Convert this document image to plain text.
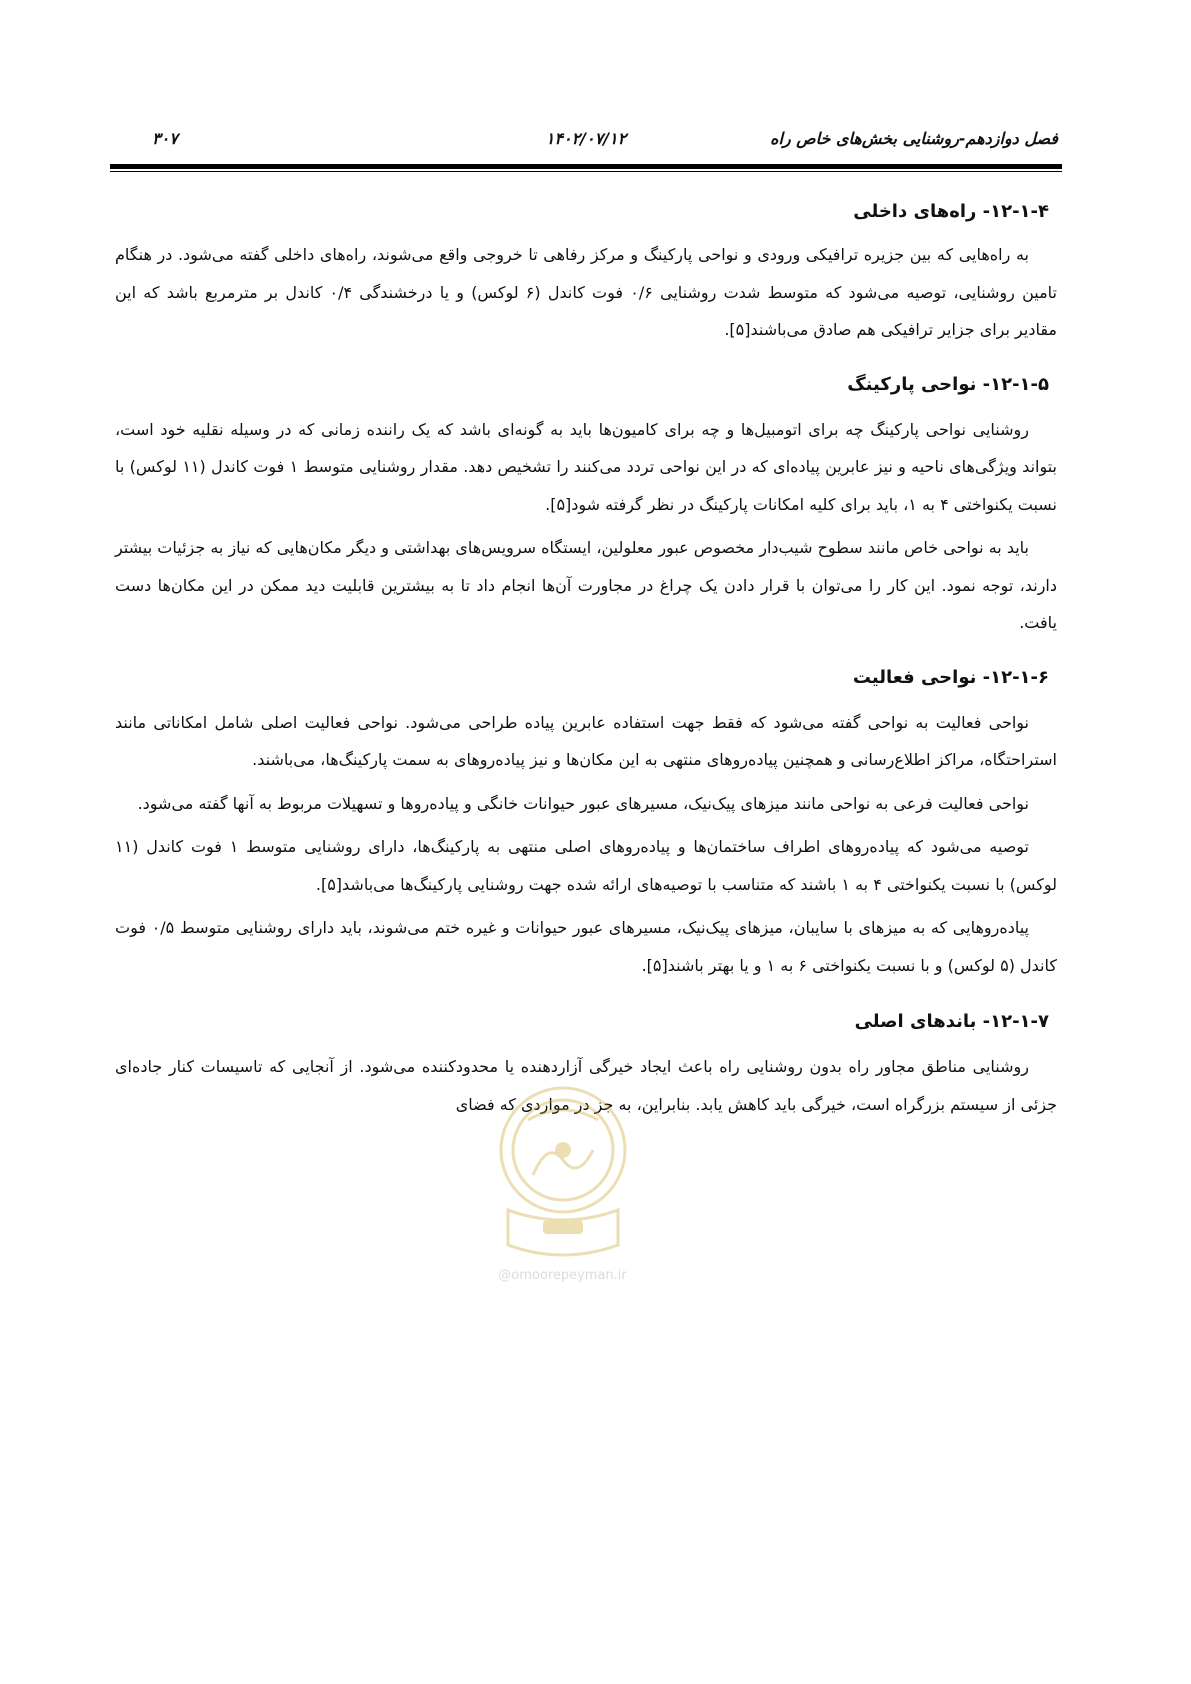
فصل دوازدهم-روشنایی بخش‌های خاص راه
۱۴۰۲/۰۷/۱۲
۳۰۷
۱۲-۱-۴- راه‌های داخلی

به راه‌هایی که بین جزیره ترافیکی ورودی و نواحی پارکینگ و مرکز رفاهی تا خروجی واقع می‌شوند، راه‌های داخلی گفته می‌شود. در هنگام تامین روشنایی، توصیه می‌شود که متوسط شدت روشنایی ۰/۶ فوت کاندل (۶ لوکس) و یا درخشندگی ۰/۴ کاندل بر مترمربع باشد که این مقادیر برای جزایر ترافیکی هم صادق می‌باشند[۵].

۱۲-۱-۵- نواحی پارکینگ

روشنایی نواحی پارکینگ چه برای اتومبیل‌ها و چه برای کامیون‌ها باید به گونه‌ای باشد که یک راننده زمانی که در وسیله نقلیه خود است، بتواند ویژگی‌های ناحیه و نیز عابرین پیاده‌ای که در این نواحی تردد می‌کنند را تشخیص دهد. مقدار روشنایی متوسط ۱ فوت کاندل (۱۱ لوکس) با نسبت یکنواختی ۴ به ۱، باید برای کلیه امکانات پارکینگ در نظر گرفته شود[۵].

باید به نواحی خاص مانند سطوح شیب‌دار مخصوص عبور معلولین، ایستگاه سرویس‌های بهداشتی و دیگر مکان‌هایی که نیاز به جزئیات بیشتر دارند، توجه نمود. این کار را می‌توان با قرار دادن یک چراغ در مجاورت آن‌ها انجام داد تا به بیشترین قابلیت دید ممکن در این مکان‌ها دست یافت.

۱۲-۱-۶- نواحی فعالیت

نواحی فعالیت به نواحی گفته می‌شود که فقط جهت استفاده عابرین پیاده طراحی می‌شود. نواحی فعالیت اصلی شامل امکاناتی مانند استراحتگاه، مراکز اطلاع‌رسانی و همچنین پیاده‌روهای منتهی به این مکان‌ها و نیز پیاده‌روهای به سمت پارکینگ‌ها، می‌باشند.

نواحی فعالیت فرعی به نواحی مانند میزهای پیک‌نیک، مسیرهای عبور حیوانات خانگی و پیاده‌روها و تسهیلات مربوط به آنها گفته می‌شود.

توصیه می‌شود که پیاده‌روهای اطراف ساختمان‌ها و پیاده‌روهای اصلی منتهی به پارکینگ‌ها، دارای روشنایی متوسط ۱ فوت کاندل (۱۱ لوکس) با نسبت یکنواختی ۴ به ۱ باشند که متناسب با توصیه‌های ارائه شده جهت روشنایی پارکینگ‌ها می‌باشد[۵].

پیاده‌روهایی که به میزهای با سایبان، میزهای پیک‌نیک، مسیرهای عبور حیوانات و غیره ختم می‌شوند، باید دارای روشنایی متوسط ۰/۵ فوت کاندل (۵ لوکس) و با نسبت یکنواختی ۶ به ۱ و یا بهتر باشند[۵].

۱۲-۱-۷- باندهای اصلی

روشنایی مناطق مجاور راه بدون روشنایی راه باعث ایجاد خیرگی آزاردهنده یا محدودکننده می‌شود. از آنجایی که تاسیسات کنار جاده‌ای جزئی از سیستم بزرگراه است، خیرگی باید کاهش یابد. بنابراین، به جز در مواردی که فضای

@omoorepeyman.ir
